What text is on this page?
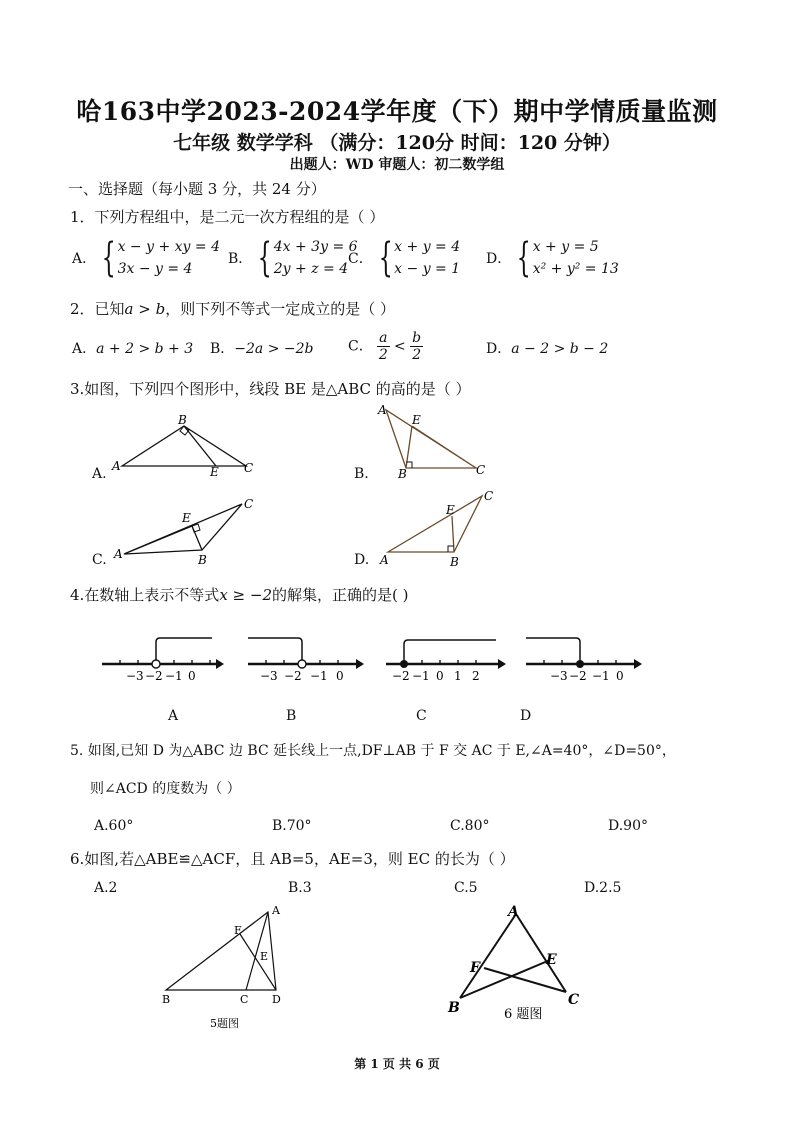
哈163中学2023-2024学年度（下）期中学情质量监测
七年级 数学学科 （满分：120分 时间：120 分钟）
出题人：WD 审题人：初二数学组
一、选择题（每小题 3 分，共 24 分）
1．下列方程组中，是二元一次方程组的是（ ）
A． { x − y + xy = 4
3x − y = 4
B． { 4x + 3y = 6
2y + z = 4
C． { x + y = 4
x − y = 1
D． { x + y = 5
x² + y² = 13
2．已知a > b，则下列不等式一定成立的是（ ）
A．a + 2 > b + 3 B．−2a > −2b C． $\frac{a}{2} < \frac{b}{2}$	D．a − 2 > b − 2
3.如图，下列四个图形中，线段 BE 是△ABC 的高的是（ ）
A. A
B
C
E	B.
A
E
B	C
C. A
E
C
B	D.
E
C
A	B
4.在数轴上表示不等式x ≥ −2的解集，正确的是( )
−3 −2 −1 0	−3 −2 −1 0	−2 −1 0 1 2	−3 −2 −1 0
A	B	C	D
5. 如图,已知 D 为△ABC 边 BC 延长线上一点,DF⊥AB 于 F 交 AC 于 E,∠A=40°，∠D=50°，
则∠ACD 的度数为（ ）
A.60°	B.70°	C.80°	D.90°
6.如图,若△ABE≌△ACF，且 AB=5，AE=3，则 EC 的长为（ ）
A.2	B.3	C.5	D.2.5
A
F
E
B	C D
5题图
A
F	E
B	C
6 题图
第 1 页 共 6 页
